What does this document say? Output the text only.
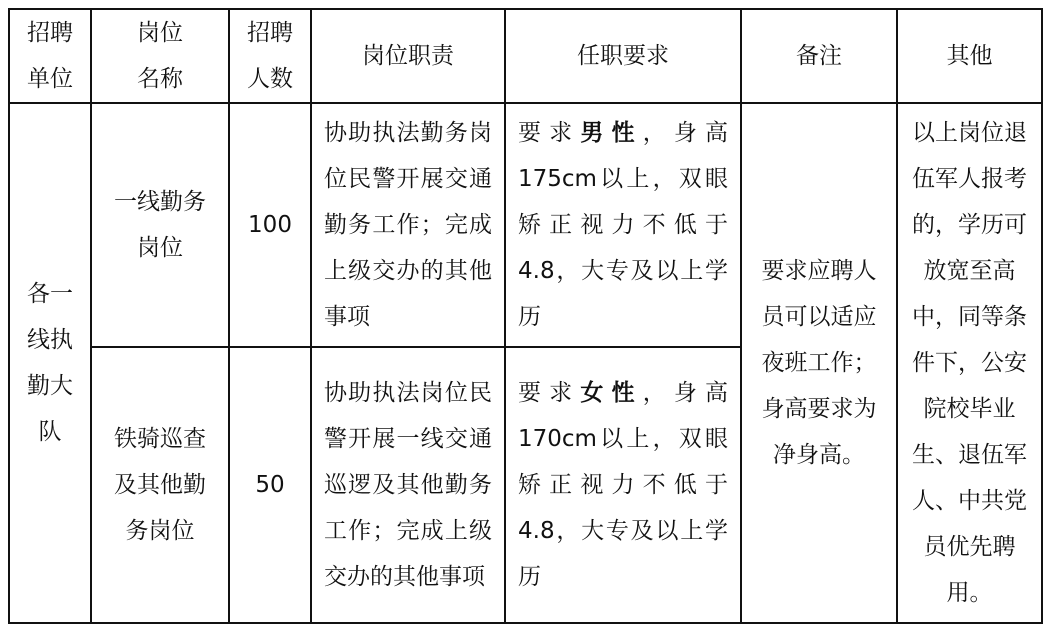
招聘单位	岗位名称	招聘人数	岗位职责	任职要求	备注	其他
各一线执勤大队	一线勤务岗位	100	协助执法勤务岗位民警开展交通勤务工作；完成上级交办的其他事项	要求男性，身高175cm以上，双眼矫正视力不低于4.8，大专及以上学历	要求应聘人员可以适应夜班工作；身高要求为净身高。	以上岗位退伍军人报考的，学历可放宽至高中，同等条件下，公安院校毕业生、退伍军人、中共党员优先聘用。
	铁骑巡查及其他勤务岗位	50	协助执法岗位民警开展一线交通巡逻及其他勤务工作；完成上级交办的其他事项	要求女性，身高170cm以上，双眼矫正视力不低于4.8，大专及以上学历		
